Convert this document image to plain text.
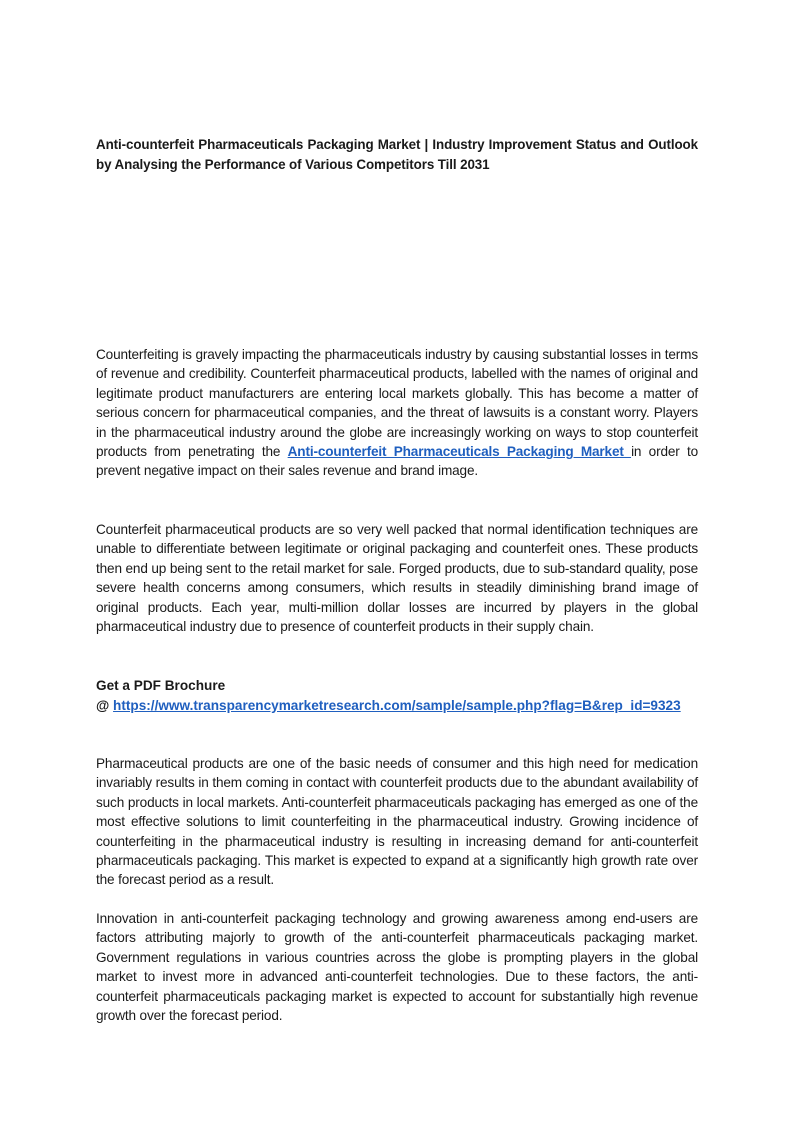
Anti-counterfeit Pharmaceuticals Packaging Market | Industry Improvement Status and Outlook by Analysing the Performance of Various Competitors Till 2031

Counterfeiting is gravely impacting the pharmaceuticals industry by causing substantial losses in terms of revenue and credibility. Counterfeit pharmaceutical products, labelled with the names of original and legitimate product manufacturers are entering local markets globally. This has become a matter of serious concern for pharmaceutical companies, and the threat of lawsuits is a constant worry. Players in the pharmaceutical industry around the globe are increasingly working on ways to stop counterfeit products from penetrating the Anti-counterfeit Pharmaceuticals Packaging Market in order to prevent negative impact on their sales revenue and brand image.

Counterfeit pharmaceutical products are so very well packed that normal identification techniques are unable to differentiate between legitimate or original packaging and counterfeit ones. These products then end up being sent to the retail market for sale. Forged products, due to sub-standard quality, pose severe health concerns among consumers, which results in steadily diminishing brand image of original products. Each year, multi-million dollar losses are incurred by players in the global pharmaceutical industry due to presence of counterfeit products in their supply chain.

Get a PDF Brochure
@ https://www.transparencymarketresearch.com/sample/sample.php?flag=B&rep_id=9323

Pharmaceutical products are one of the basic needs of consumer and this high need for medication invariably results in them coming in contact with counterfeit products due to the abundant availability of such products in local markets. Anti-counterfeit pharmaceuticals packaging has emerged as one of the most effective solutions to limit counterfeiting in the pharmaceutical industry. Growing incidence of counterfeiting in the pharmaceutical industry is resulting in increasing demand for anti-counterfeit pharmaceuticals packaging. This market is expected to expand at a significantly high growth rate over the forecast period as a result.

Innovation in anti-counterfeit packaging technology and growing awareness among end-users are factors attributing majorly to growth of the anti-counterfeit pharmaceuticals packaging market. Government regulations in various countries across the globe is prompting players in the global market to invest more in advanced anti-counterfeit technologies. Due to these factors, the anti-counterfeit pharmaceuticals packaging market is expected to account for substantially high revenue growth over the forecast period.
